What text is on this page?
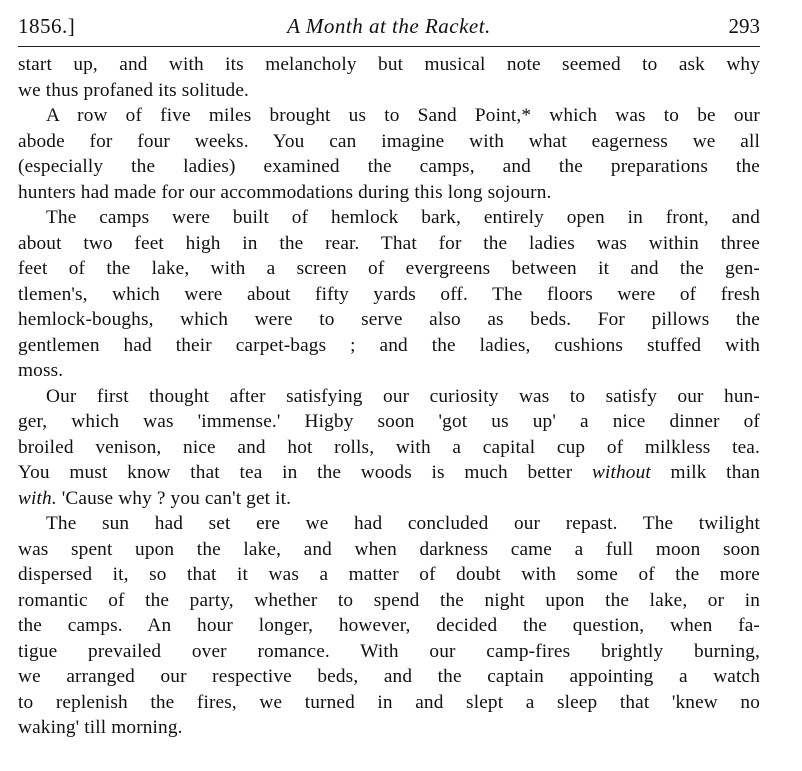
1856.]	A Month at the Racket.	293
start up, and with its melancholy but musical note seemed to ask why
we thus profaned its solitude.
A row of five miles brought us to Sand Point,* which was to be our
abode for four weeks. You can imagine with what eagerness we all
(especially the ladies) examined the camps, and the preparations the
hunters had made for our accommodations during this long sojourn.
The camps were built of hemlock bark, entirely open in front, and
about two feet high in the rear. That for the ladies was within three
feet of the lake, with a screen of evergreens between it and the gen-
tlemen's, which were about fifty yards off. The floors were of fresh
hemlock-boughs, which were to serve also as beds. For pillows the
gentlemen had their carpet-bags ; and the ladies, cushions stuffed with
moss.
Our first thought after satisfying our curiosity was to satisfy our hun-
ger, which was 'immense.' Higby soon 'got us up' a nice dinner of
broiled venison, nice and hot rolls, with a capital cup of milkless tea.
You must know that tea in the woods is much better without milk than
with. 'Cause why ? you can't get it.
The sun had set ere we had concluded our repast. The twilight
was spent upon the lake, and when darkness came a full moon soon
dispersed it, so that it was a matter of doubt with some of the more
romantic of the party, whether to spend the night upon the lake, or in
the camps. An hour longer, however, decided the question, when fa-
tigue prevailed over romance. With our camp-fires brightly burning,
we arranged our respective beds, and the captain appointing a watch
to replenish the fires, we turned in and slept a sleep that 'knew no
waking' till morning.
